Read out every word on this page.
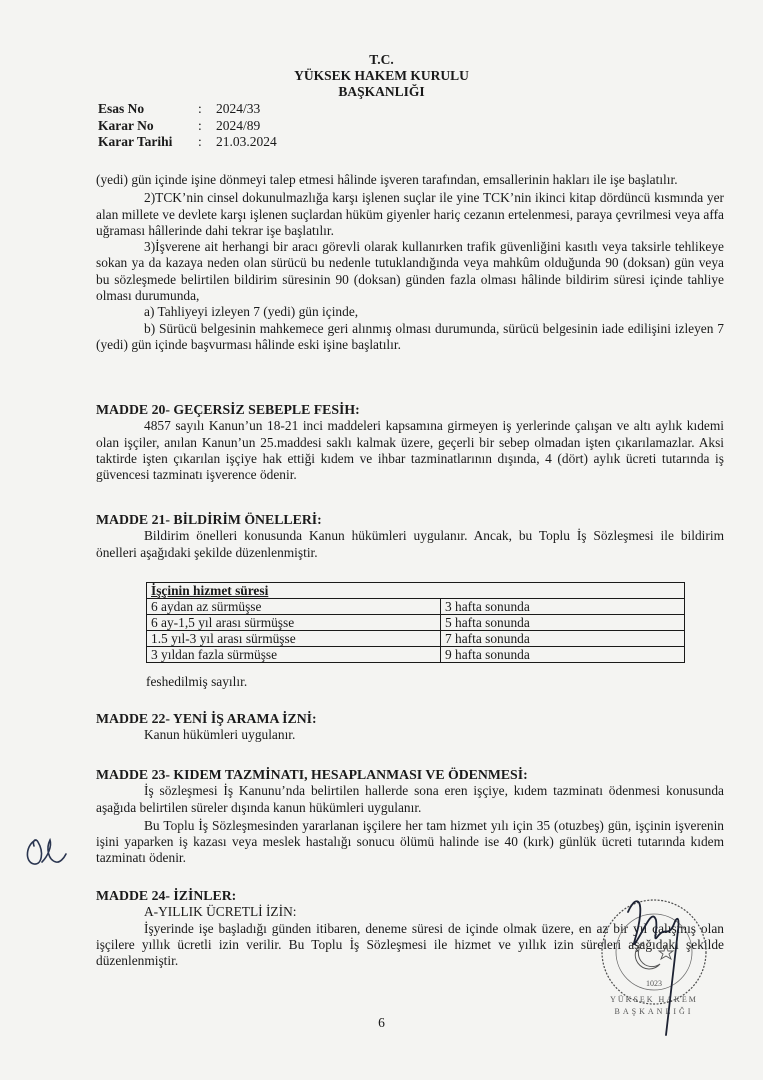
T.C.
YÜKSEK HAKEM KURULU
BAŞKANLIĞI
Esas No	:	2024/33
Karar No	:	2024/89
Karar Tarihi	:	21.03.2024

(yedi) gün içinde işine dönmeyi talep etmesi hâlinde işveren tarafından, emsallerinin hakları ile işe başlatılır.

2)TCK’nin cinsel dokunulmazlığa karşı işlenen suçlar ile yine TCK’nin ikinci kitap dördüncü kısmında yer alan millete ve devlete karşı işlenen suçlardan hüküm giyenler hariç cezanın ertelenmesi, paraya çevrilmesi veya affa uğraması hâllerinde dahi tekrar işe başlatılır.

3)İşverene ait herhangi bir aracı görevli olarak kullanırken trafik güvenliğini kasıtlı veya taksirle tehlikeye sokan ya da kazaya neden olan sürücü bu nedenle tutuklandığında veya mahkûm olduğunda 90 (doksan) gün veya bu sözleşmede belirtilen bildirim süresinin 90 (doksan) günden fazla olması hâlinde bildirim süresi içinde tahliye olması durumunda,

a) Tahliyeyi izleyen 7 (yedi) gün içinde,

b) Sürücü belgesinin mahkemece geri alınmış olması durumunda, sürücü belgesinin iade edilişini izleyen 7 (yedi) gün içinde başvurması hâlinde eski işine başlatılır.

MADDE 20- GEÇERSİZ SEBEPLE FESİH:

4857 sayılı Kanun’un 18-21 inci maddeleri kapsamına girmeyen iş yerlerinde çalışan ve altı aylık kıdemi olan işçiler, anılan Kanun’un 25.maddesi saklı kalmak üzere, geçerli bir sebep olmadan işten çıkarılamazlar. Aksi taktirde işten çıkarılan işçiye hak ettiği kıdem ve ihbar tazminatlarının dışında, 4 (dört) aylık ücreti tutarında iş güvencesi tazminatı işverence ödenir.

MADDE 21- BİLDİRİM ÖNELLERİ:

Bildirim önelleri konusunda Kanun hükümleri uygulanır. Ancak, bu Toplu İş Sözleşmesi ile bildirim önelleri aşağıdaki şekilde düzenlenmiştir.

İşçinin hizmet süresi	
6 aydan az sürmüşse	3 hafta sonunda
6 ay-1,5 yıl arası sürmüşse	5 hafta sonunda
1.5 yıl-3 yıl arası sürmüşse	7 hafta sonunda
3 yıldan fazla sürmüşse	9 hafta sonunda

feshedilmiş sayılır.

MADDE 22- YENİ İŞ ARAMA İZNİ:

Kanun hükümleri uygulanır.

MADDE 23- KIDEM TAZMİNATI, HESAPLANMASI VE ÖDENMESİ:

İş sözleşmesi İş Kanunu’nda belirtilen hallerde sona eren işçiye, kıdem tazminatı ödenmesi konusunda aşağıda belirtilen süreler dışında kanun hükümleri uygulanır.

Bu Toplu İş Sözleşmesinden yararlanan işçilere her tam hizmet yılı için 35 (otuzbeş) gün, işçinin işverenin işini yaparken iş kazası veya meslek hastalığı sonucu ölümü halinde ise 40 (kırk) günlük ücreti tutarında kıdem tazminatı ödenir.

MADDE 24- İZİNLER:

A-YILLIK ÜCRETLİ İZİN:

İşyerinde işe başladığı günden itibaren, deneme süresi de içinde olmak üzere, en az bir yıl çalışmış olan işçilere yıllık ücretli izin verilir. Bu Toplu İş Sözleşmesi ile hizmet ve yıllık izin süreleri aşağıdaki şekilde düzenlenmiştir.

1023
YÜKSEK HAKEM
BAŞKANLIĞI
6
